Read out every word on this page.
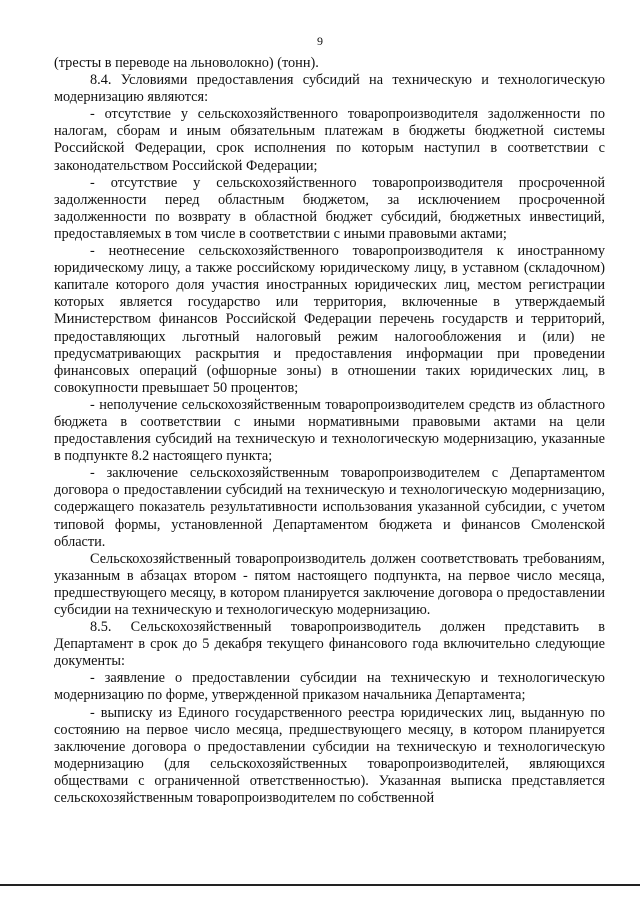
9

(тресты в переводе на льноволокно) (тонн).

8.4. Условиями предоставления субсидий на техническую и технологическую модернизацию являются:

- отсутствие у сельскохозяйственного товаропроизводителя задолженности по налогам, сборам и иным обязательным платежам в бюджеты бюджетной системы Российской Федерации, срок исполнения по которым наступил в соответствии с законодательством Российской Федерации;

- отсутствие у сельскохозяйственного товаропроизводителя просроченной задолженности перед областным бюджетом, за исключением просроченной задолженности по возврату в областной бюджет субсидий, бюджетных инвестиций, предоставляемых в том числе в соответствии с иными правовыми актами;

- неотнесение сельскохозяйственного товаропроизводителя к иностранному юридическому лицу, а также российскому юридическому лицу, в уставном (складочном) капитале которого доля участия иностранных юридических лиц, местом регистрации которых является государство или территория, включенные в утверждаемый Министерством финансов Российской Федерации перечень государств и территорий, предоставляющих льготный налоговый режим налогообложения и (или) не предусматривающих раскрытия и предоставления информации при проведении финансовых операций (офшорные зоны) в отношении таких юридических лиц, в совокупности превышает 50 процентов;

- неполучение сельскохозяйственным товаропроизводителем средств из областного бюджета в соответствии с иными нормативными правовыми актами на цели предоставления субсидий на техническую и технологическую модернизацию, указанные в подпункте 8.2 настоящего пункта;

- заключение сельскохозяйственным товаропроизводителем с Департаментом договора о предоставлении субсидий на техническую и технологическую модернизацию, содержащего показатель результативности использования указанной субсидии, с учетом типовой формы, установленной Департаментом бюджета и финансов Смоленской области.

Сельскохозяйственный товаропроизводитель должен соответствовать требованиям, указанным в абзацах втором - пятом настоящего подпункта, на первое число месяца, предшествующего месяцу, в котором планируется заключение договора о предоставлении субсидии на техническую и технологическую модернизацию.

8.5. Сельскохозяйственный товаропроизводитель должен представить в Департамент в срок до 5 декабря текущего финансового года включительно следующие документы:

- заявление о предоставлении субсидии на техническую и технологическую модернизацию по форме, утвержденной приказом начальника Департамента;

- выписку из Единого государственного реестра юридических лиц, выданную по состоянию на первое число месяца, предшествующего месяцу, в котором планируется заключение договора о предоставлении субсидии на техническую и технологическую модернизацию (для сельскохозяйственных товаропроизводителей, являющихся обществами с ограниченной ответственностью). Указанная выписка представляется сельскохозяйственным товаропроизводителем по собственной
